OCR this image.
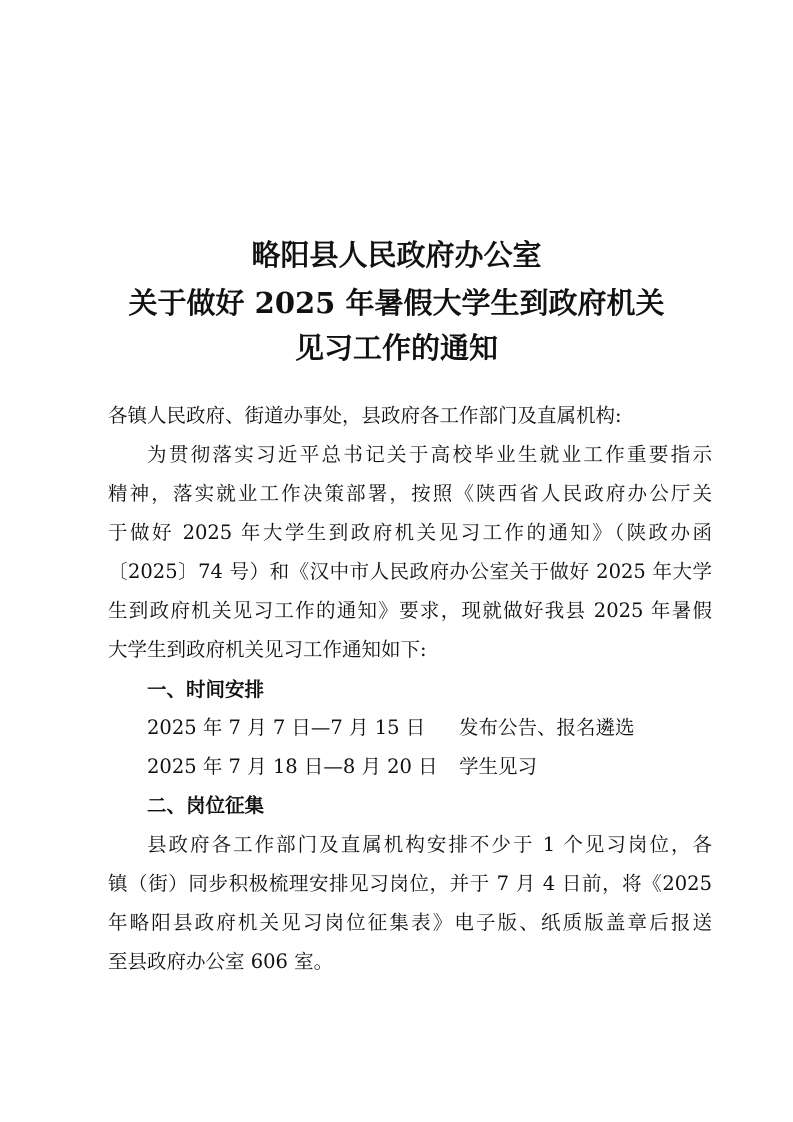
略阳县人民政府办公室
关于做好 2025 年暑假大学生到政府机关
见习工作的通知
各镇人民政府、街道办事处，县政府各工作部门及直属机构:
为贯彻落实习近平总书记关于高校毕业生就业工作重要指示
精神，落实就业工作决策部署，按照《陕西省人民政府办公厅关
于做好 2025 年大学生到政府机关见习工作的通知》（陕政办函
〔2025〕74 号）和《汉中市人民政府办公室关于做好 2025 年大学
生到政府机关见习工作的通知》要求，现就做好我县 2025 年暑假
大学生到政府机关见习工作通知如下:
一、时间安排
2025 年 7 月 7 日—7 月 15 日 发布公告、报名遴选
2025 年 7 月 18 日—8 月 20 日 学生见习
二、岗位征集
县政府各工作部门及直属机构安排不少于 1 个见习岗位，各
镇（街）同步积极梳理安排见习岗位，并于 7 月 4 日前，将《2025
年略阳县政府机关见习岗位征集表》电子版、纸质版盖章后报送
至县政府办公室 606 室。
